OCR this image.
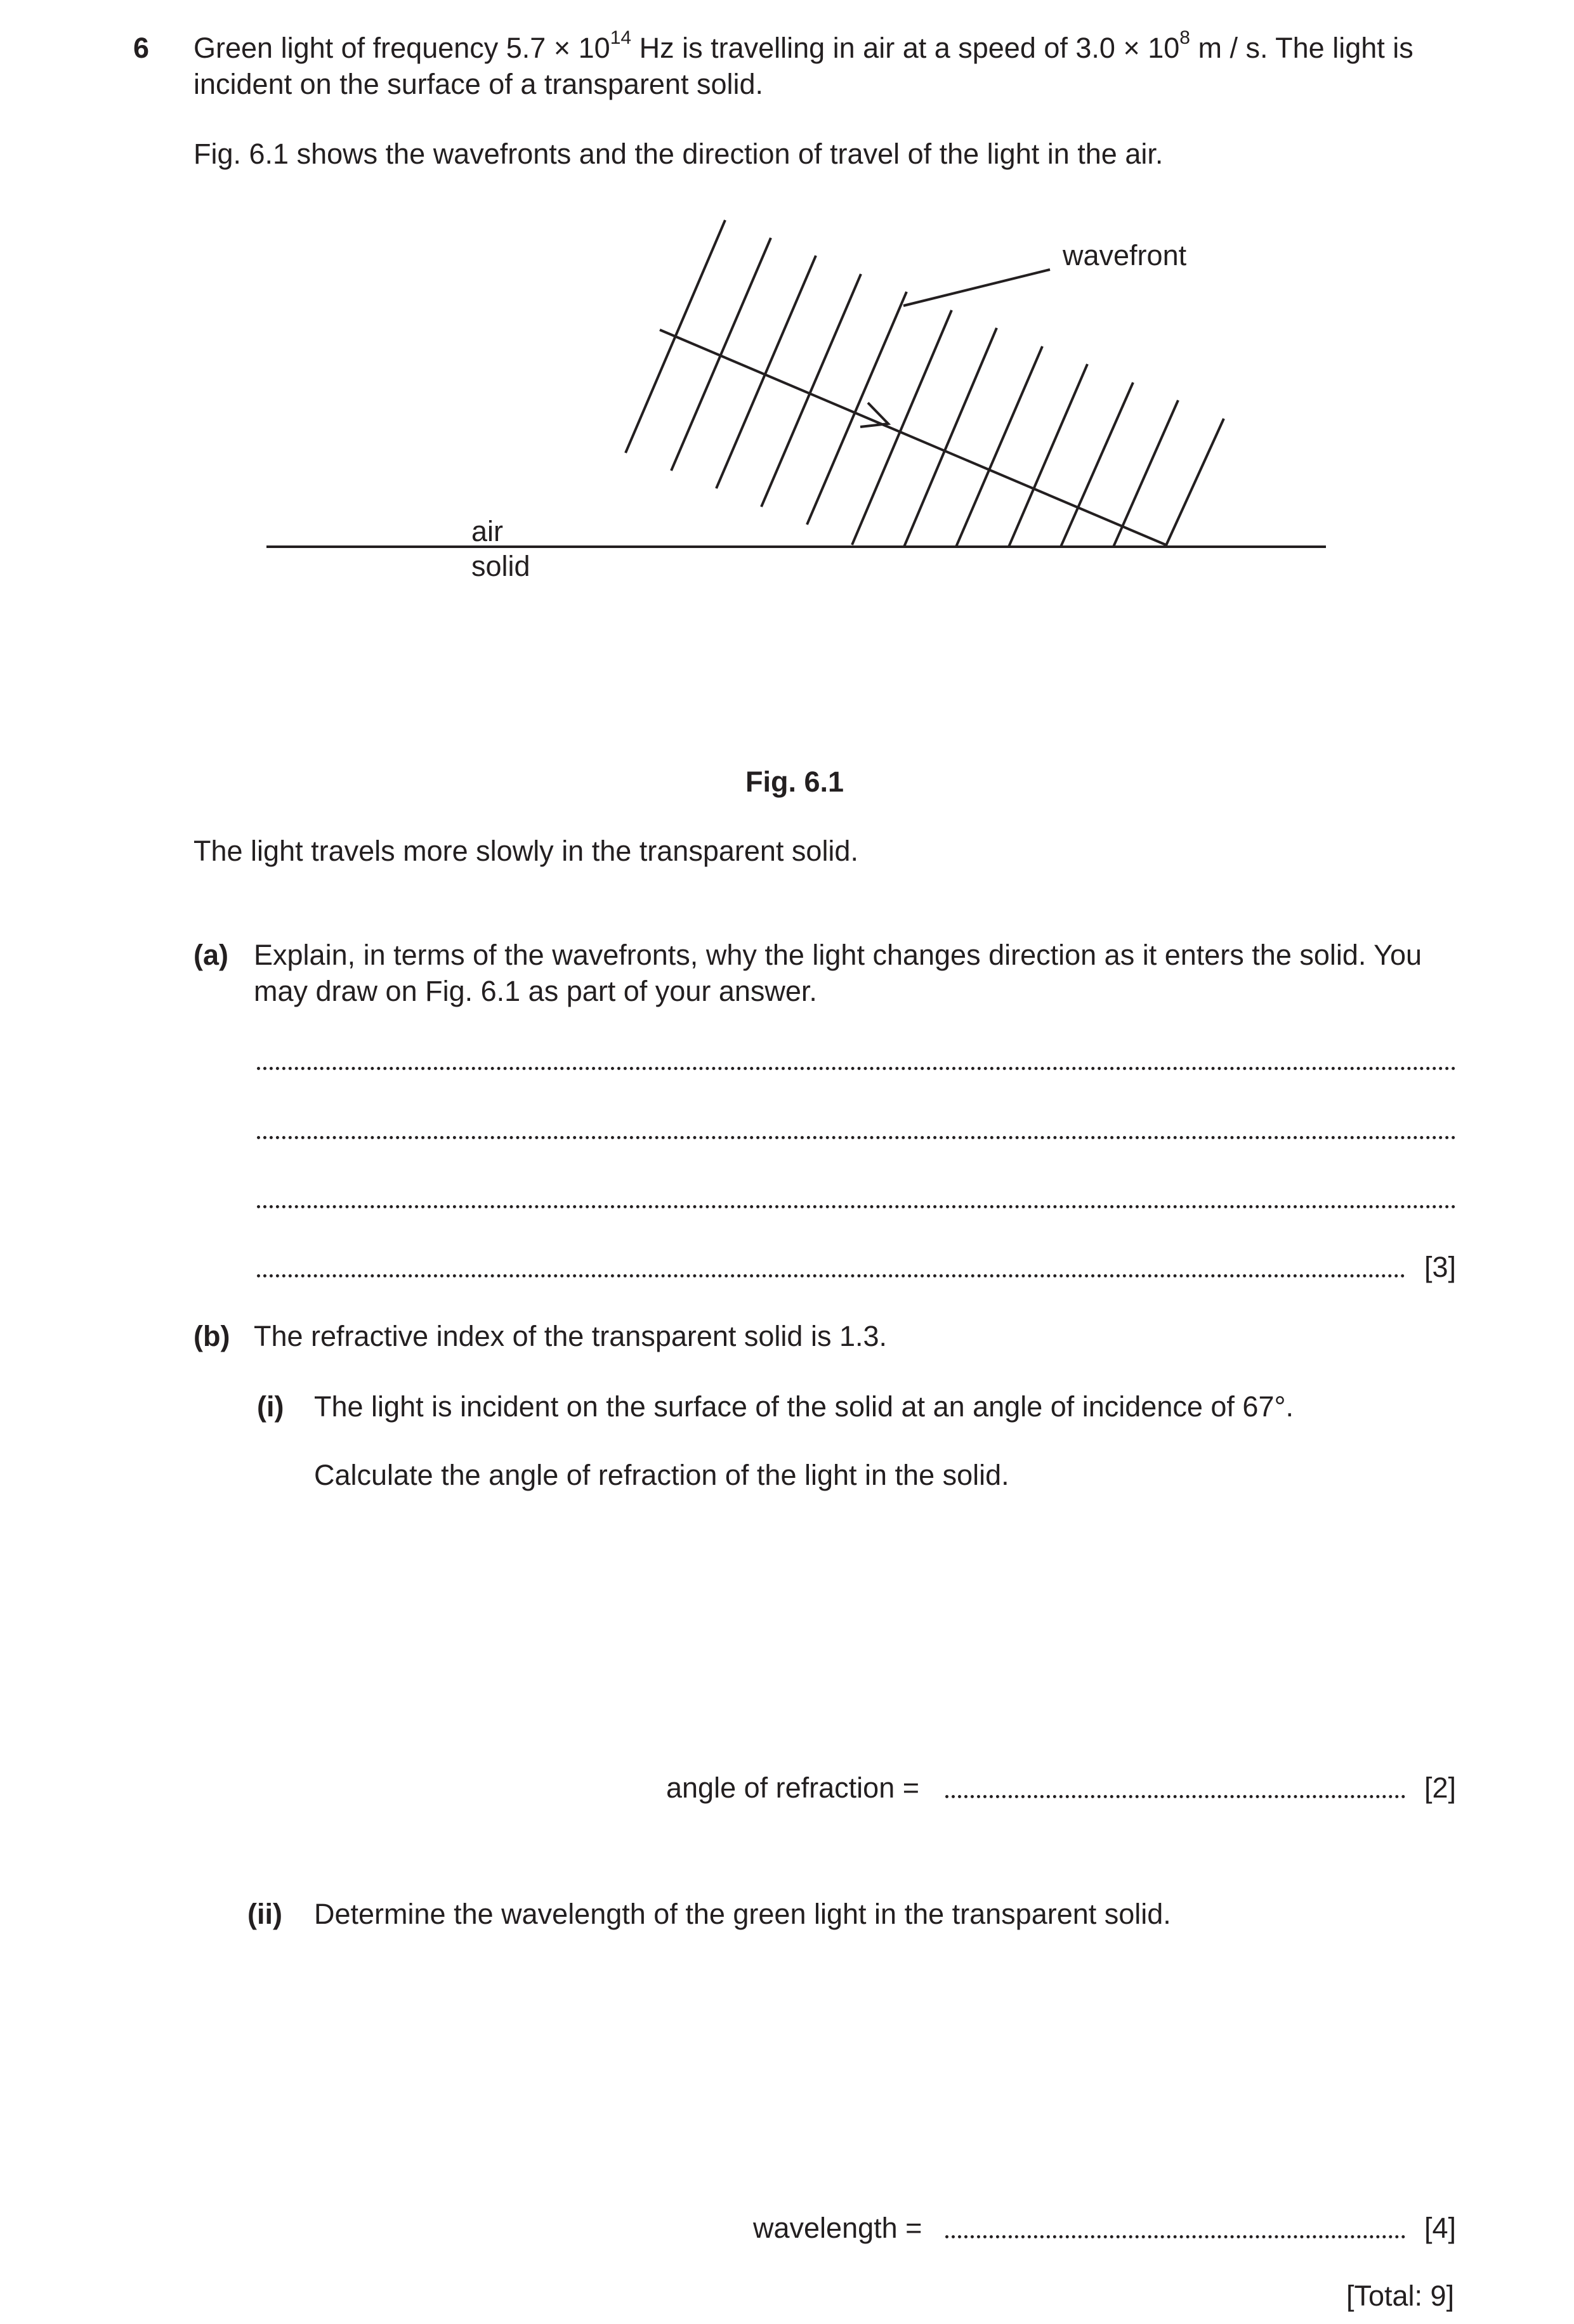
6 Green light of frequency $5.7 \times 10^{14}$ Hz is travelling in air at a speed of $3.0 \times 10^8$ m / s. The light is
incident on the surface of a transparent solid.
Fig. 6.1 shows the wavefronts and the direction of travel of the light in the air.
wavefront
air
solid
Fig. 6.1
The light travels more slowly in the transparent solid.
(a) Explain, in terms of the wavefronts, why the light changes direction as it enters the solid. You
may draw on Fig. 6.1 as part of your answer.
[3]
(b) The refractive index of the transparent solid is 1.3.
(i) The light is incident on the surface of the solid at an angle of incidence of 67°.
Calculate the angle of refraction of the light in the solid.
angle of refraction =	[2]
(ii) Determine the wavelength of the green light in the transparent solid.
wavelength =	[4]
[Total: 9]
